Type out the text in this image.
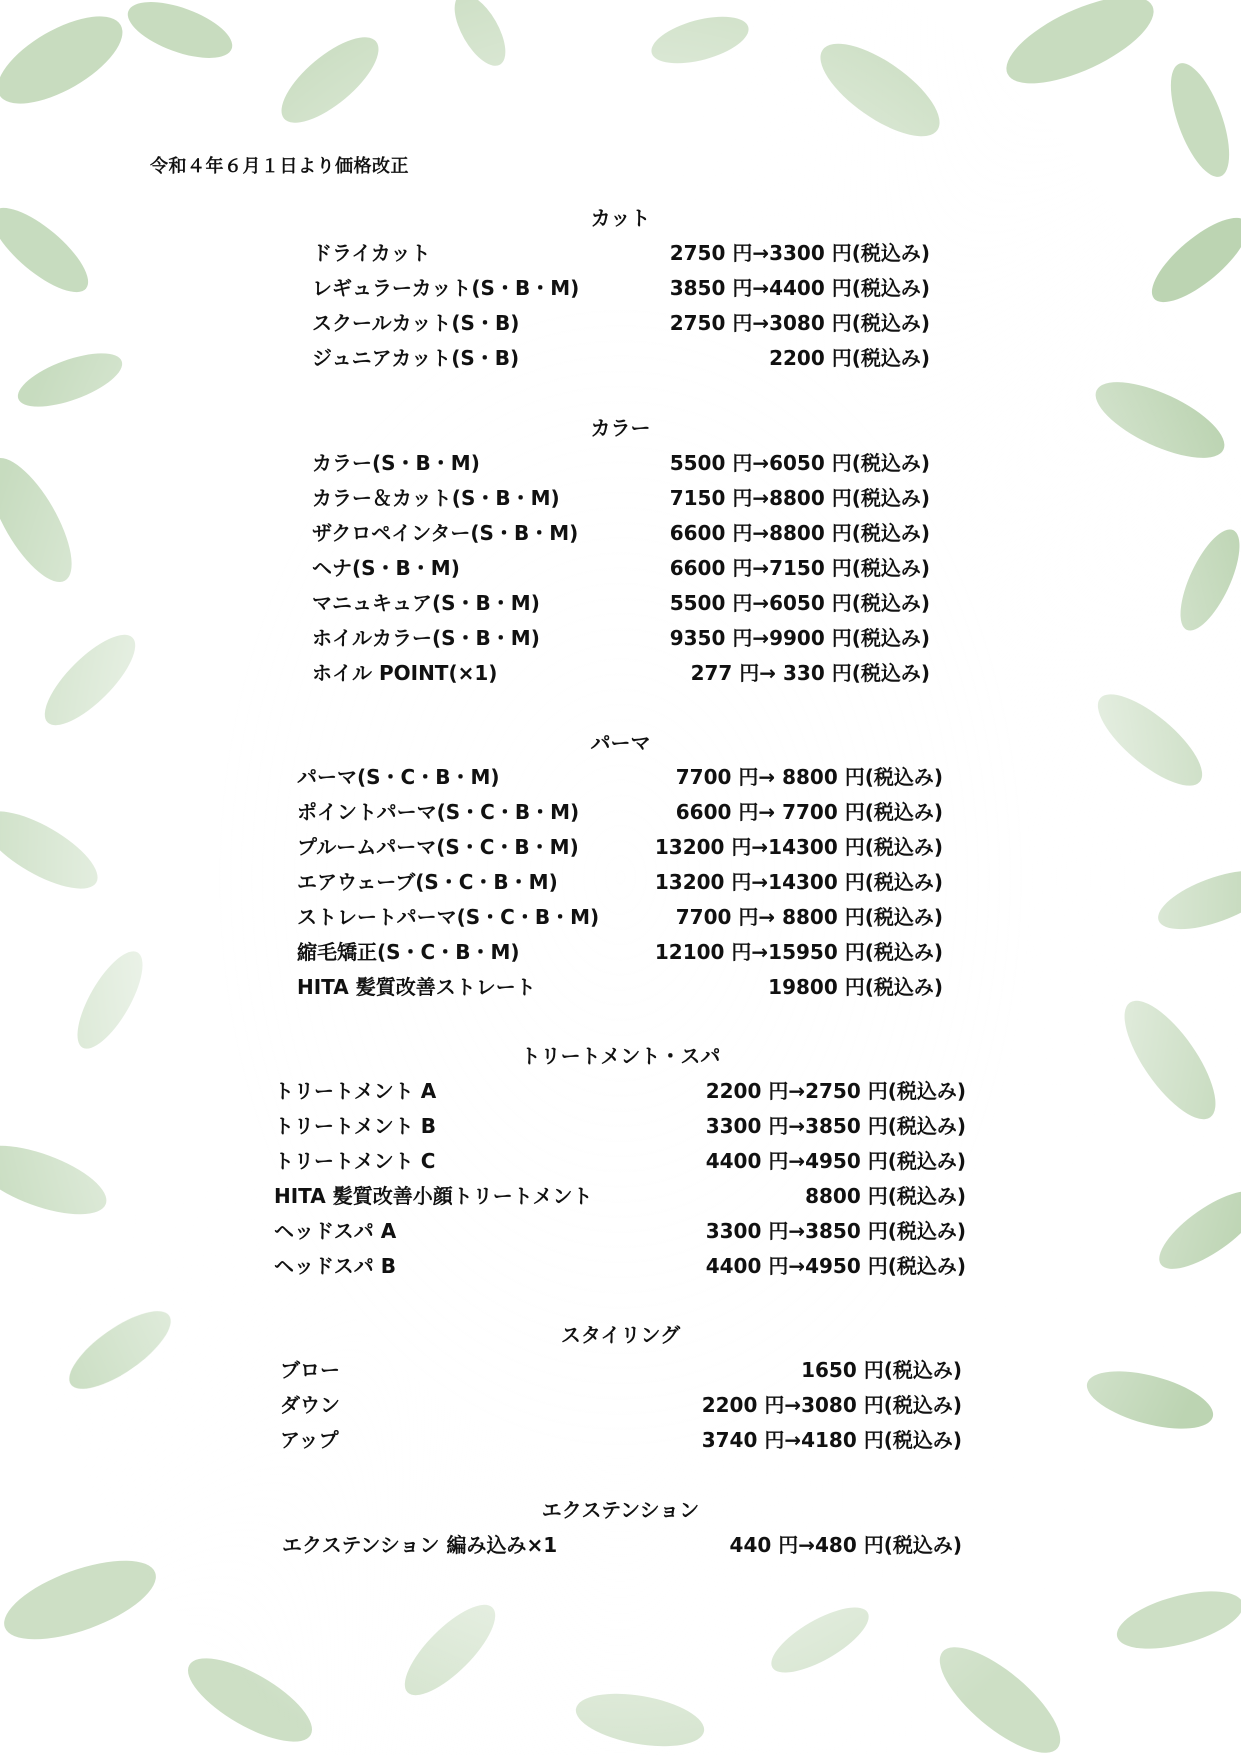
令和４年６月１日より価格改正
カット
ドライカット	2750 円→3300 円(税込み)
レギュラーカット(S・B・M)	3850 円→4400 円(税込み)
スクールカット(S・B)	2750 円→3080 円(税込み)
ジュニアカット(S・B)	2200 円(税込み)
カラー
カラー(S・B・M)	5500 円→6050 円(税込み)
カラー＆カット(S・B・M)	7150 円→8800 円(税込み)
ザクロペインター(S・B・M)	6600 円→8800 円(税込み)
ヘナ(S・B・M)	6600 円→7150 円(税込み)
マニュキュア(S・B・M)	5500 円→6050 円(税込み)
ホイルカラー(S・B・M)	9350 円→9900 円(税込み)
ホイル POINT(×1)	277 円→ 330 円(税込み)
パーマ
パーマ(S・C・B・M)	7700 円→ 8800 円(税込み)
ポイントパーマ(S・C・B・M)	6600 円→ 7700 円(税込み)
プルームパーマ(S・C・B・M)	13200 円→14300 円(税込み)
エアウェーブ(S・C・B・M)	13200 円→14300 円(税込み)
ストレートパーマ(S・C・B・M)	7700 円→ 8800 円(税込み)
縮毛矯正(S・C・B・M)	12100 円→15950 円(税込み)
HITA 髪質改善ストレート	19800 円(税込み)
トリートメント・スパ
トリートメント A	2200 円→2750 円(税込み)
トリートメント B	3300 円→3850 円(税込み)
トリートメント C	4400 円→4950 円(税込み)
HITA 髪質改善小顔トリートメント	8800 円(税込み)
ヘッドスパ A	3300 円→3850 円(税込み)
ヘッドスパ B	4400 円→4950 円(税込み)
スタイリング
ブロー	1650 円(税込み)
ダウン	2200 円→3080 円(税込み)
アップ	3740 円→4180 円(税込み)
エクステンション
エクステンション 編み込み×1	440 円→480 円(税込み)
